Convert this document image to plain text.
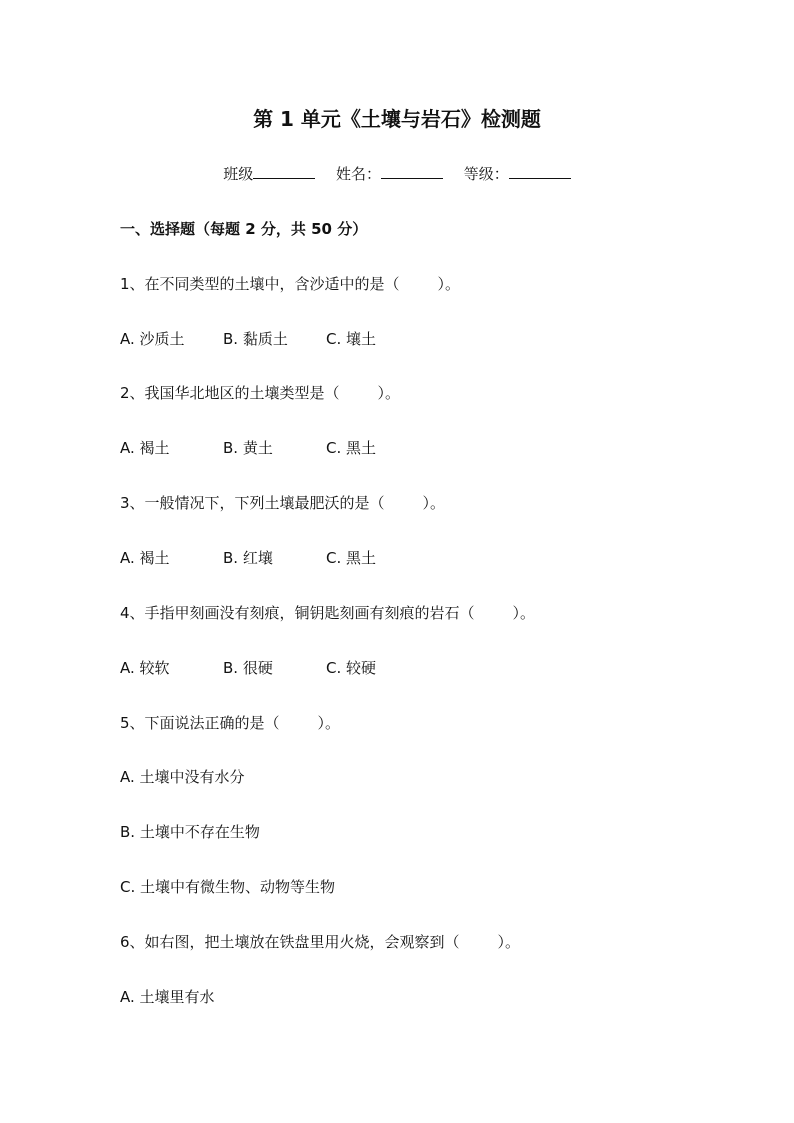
第 1 单元《土壤与岩石》检测题
班级	姓名：	等级：
一、选择题（每题 2 分，共 50 分）
1、在不同类型的土壤中，含沙适中的是（	）。
A. 沙质土	B. 黏质土	C. 壤土
2、我国华北地区的土壤类型是（	）。
A. 褐土	B. 黄土	C. 黑土
3、一般情况下，下列土壤最肥沃的是（	）。
A. 褐土	B. 红壤	C. 黑土
4、手指甲刻画没有刻痕，铜钥匙刻画有刻痕的岩石（	）。
A. 较软	B. 很硬	C. 较硬
5、下面说法正确的是（	）。
A. 土壤中没有水分
B. 土壤中不存在生物
C. 土壤中有微生物、动物等生物
6、如右图，把土壤放在铁盘里用火烧，会观察到（	）。
A. 土壤里有水
